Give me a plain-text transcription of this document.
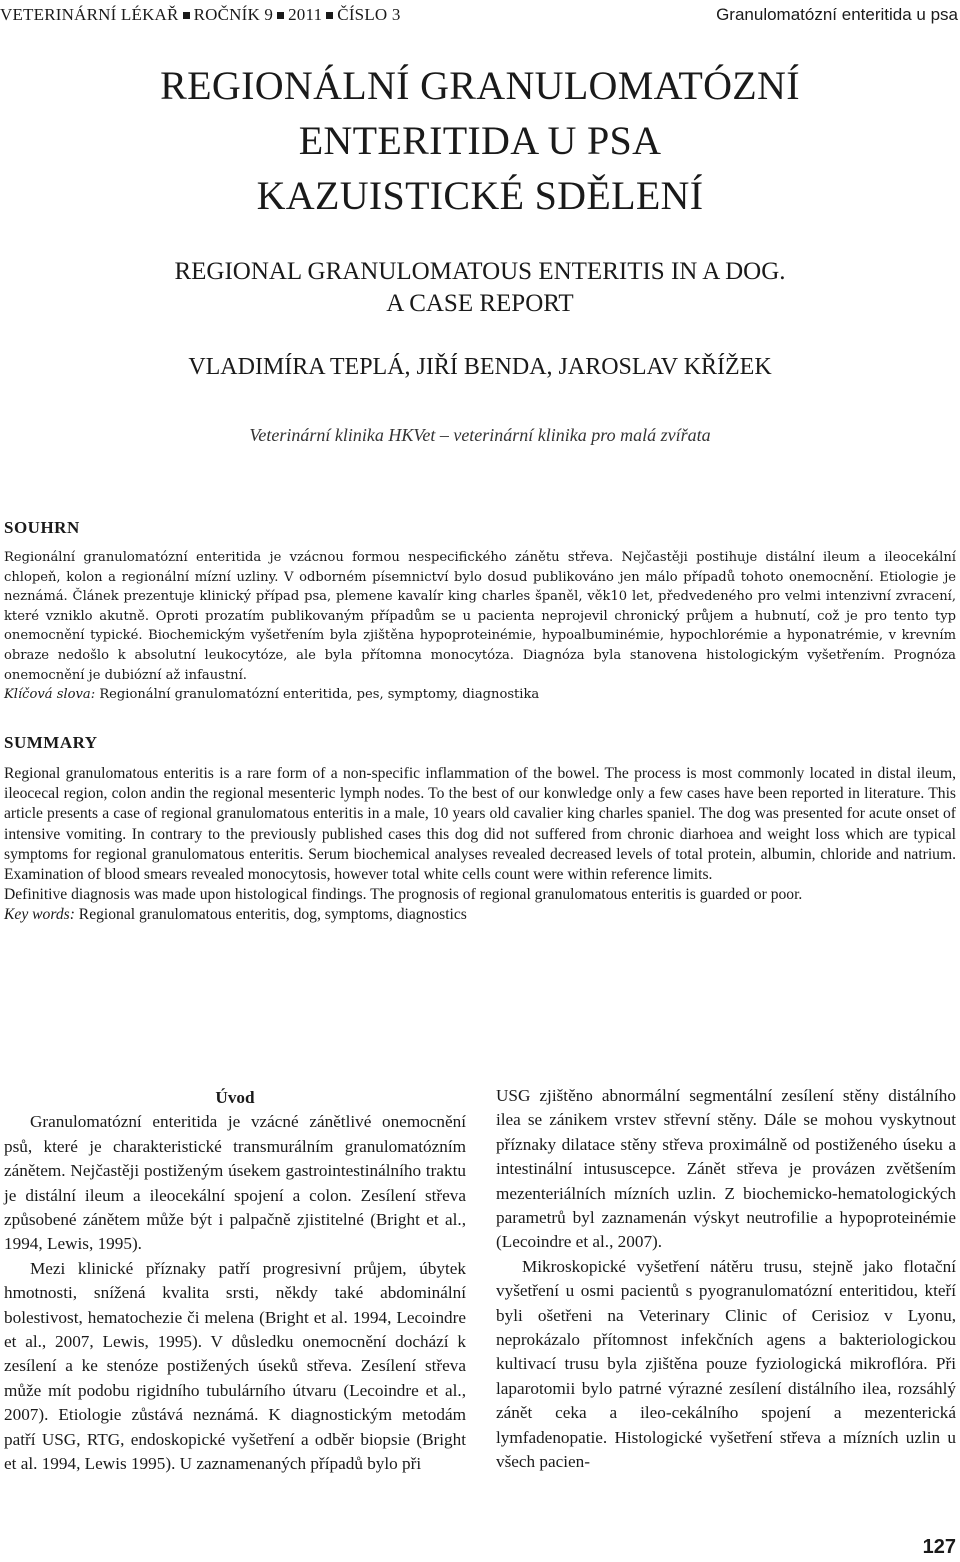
VETERINÁRNÍ LÉKAŘ ROČNÍK 9 2011 ČÍSLO 3	Granulomatózní enteritida u psa
REGIONÁLNÍ GRANULOMATÓZNÍ
ENTERITIDA U PSA
KAZUISTICKÉ SDĚLENÍ
REGIONAL GRANULOMATOUS ENTERITIS IN A DOG.
A CASE REPORT
VLADIMÍRA TEPLÁ, JIŘÍ BENDA, JAROSLAV KŘÍŽEK
Veterinární klinika HKVet – veterinární klinika pro malá zvířata
SOUHRN
Regionální granulomatózní enteritida je vzácnou formou nespecifického zánětu střeva. Nejčastěji postihuje distální ileum a ileocekální chlopeň, kolon a regionální mízní uzliny. V odborném písemnictví bylo dosud publikováno jen málo případů tohoto onemocnění. Etiologie je neznámá. Článek prezentuje klinický případ psa, plemene kavalír king charles španěl, věk10 let, předvedeného pro velmi intenzivní zvracení, které vzniklo akutně. Oproti prozatím publikovaným případům se u pacienta neprojevil chronický průjem a hubnutí, což je pro tento typ onemocnění typické. Biochemickým vyšetřením byla zjištěna hypoproteinémie, hypoalbuminémie, hypochlorémie a hyponatrémie, v krevním obraze nedošlo k absolutní leukocytóze, ale byla přítomna monocytóza. Diagnóza byla stanovena histologickým vyšetřením. Prognóza onemocnění je dubiózní až infaustní.
Klíčová slova: Regionální granulomatózní enteritida, pes, symptomy, diagnostika
SUMMARY
Regional granulomatous enteritis is a rare form of a non-specific inflammation of the bowel. The process is most commonly located in distal ileum, ileocecal region, colon andin the regional mesenteric lymph nodes. To the best of our konwledge only a few cases have been reported in literature. This article presents a case of regional granulomatous enteritis in a male, 10 years old cavalier king charles spaniel. The dog was presented for acute onset of intensive vomiting. In contrary to the previously published cases this dog did not suffered from chronic diarhoea and weight loss which are typical symptoms for regional granulomatous enteritis. Serum biochemical analyses revealed decreased levels of total protein, albumin, chloride and natrium. Examination of blood smears revealed monocytosis, however total white cells count were within reference limits.
Definitive diagnosis was made upon histological findings. The prognosis of regional granulomatous enteritis is guarded or poor.
Key words: Regional granulomatous enteritis, dog, symptoms, diagnostics

Úvod

Granulomatózní enteritida je vzácné zánětlivé onemocnění psů, které je charakteristické transmurálním granulomatózním zánětem. Nejčastěji postiženým úsekem gastrointestinálního traktu je distální ileum a ileocekální spojení a colon. Zesílení střeva způsobené zánětem může být i palpačně zjistitelné (Bright et al., 1994, Lewis, 1995).

Mezi klinické příznaky patří progresivní průjem, úbytek hmotnosti, snížená kvalita srsti, někdy také abdominální bolestivost, hematochezie či melena (Bright et al. 1994, Lecoindre et al., 2007, Lewis, 1995). V důsledku onemocnění dochází k zesílení a ke stenóze postižených úseků střeva. Zesílení střeva může mít podobu rigidního tubulárního útvaru (Lecoindre et al., 2007). Etiologie zůstává neznámá. K diagnostickým metodám patří USG, RTG, endoskopické vyšetření a odběr biopsie (Bright et al. 1994, Lewis 1995). U zaznamenaných případů bylo při

USG zjištěno abnormální segmentální zesílení stěny distálního ilea se zánikem vrstev střevní stěny. Dále se mohou vyskytnout příznaky dilatace stěny střeva proximálně od postiženého úseku a intestinální intususcepce. Zánět střeva je provázen zvětšením mezenteriálních mízních uzlin. Z biochemicko-hematologických parametrů byl zaznamenán výskyt neutrofilie a hypoproteinémie (Lecoindre et al., 2007).

Mikroskopické vyšetření nátěru trusu, stejně jako flotační vyšetření u osmi pacientů s pyogranulomatózní enteritidou, kteří byli ošetřeni na Veterinary Clinic of Cerisioz v Lyonu, neprokázalo přítomnost infekčních agens a bakteriologickou kultivací trusu byla zjištěna pouze fyziologická mikroflóra. Při laparotomii bylo patrné výrazné zesílení distálního ilea, rozsáhlý zánět ceka a ileo-cekálního spojení a mezenterická lymfadenopatie. Histologické vyšetření střeva a mízních uzlin u všech pacien-

127
